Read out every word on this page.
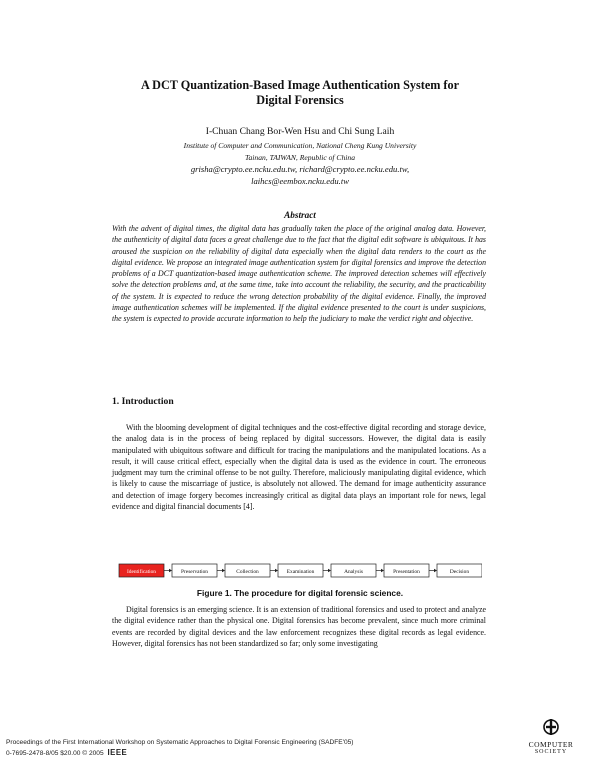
A DCT Quantization-Based Image Authentication System for
Digital Forensics
I-Chuan Chang Bor-Wen Hsu and Chi Sung Laih
Institute of Computer and Communication, National Cheng Kung University
Tainan, TAIWAN, Republic of China
grisha@crypto.ee.ncku.edu.tw, richard@crypto.ee.ncku.edu.tw,
laihcs@eembox.ncku.edu.tw
Abstract
With the advent of digital times, the digital data has gradually taken the place of the original analog data. However, the authenticity of digital data faces a great challenge due to the fact that the digital edit software is ubiquitous. It has aroused the suspicion on the reliability of digital data especially when the digital data renders to the court as the digital evidence. We propose an integrated image authentication system for digital forensics and improve the detection problems of a DCT quantization-based image authentication scheme. The improved detection schemes will effectively solve the detection problems and, at the same time, take into account the reliability, the security, and the practicability of the system. It is expected to reduce the wrong detection probability of the digital evidence. Finally, the improved image authentication schemes will be implemented. If the digital evidence presented to the court is under suspicions, the system is expected to provide accurate information to help the judiciary to make the verdict right and objective.
1. Introduction
With the blooming development of digital techniques and the cost-effective digital recording and storage device, the analog data is in the process of being replaced by digital successors. However, the digital data is easily manipulated with ubiquitous software and difficult for tracing the manipulations and the manipulated locations. As a result, it will cause critical effect, especially when the digital data is used as the evidence in court. The erroneous judgment may turn the criminal offense to be not guilty. Therefore, maliciously manipulating digital evidence, which is likely to cause the miscarriage of justice, is absolutely not allowed. The demand for image authenticity assurance and detection of image forgery becomes increasingly critical as digital data plays an important role for news, legal evidence and digital financial documents [4].
Identification	Preservation	Collection	Examination	Analysis	Presentation	Decision
Figure 1. The procedure for digital forensic science.
Digital forensics is an emerging science. It is an extension of traditional forensics and used to protect and analyze the digital evidence rather than the physical one. Digital forensics has become prevalent, since much more criminal events are recorded by digital devices and the law enforcement recognizes these digital records as legal evidence. However, digital forensics has not been standardized so far; only some investigating
Proceedings of the First International Workshop on Systematic Approaches to Digital Forensic Engineering (SADFE'05)
0-7695-2478-8/05 $20.00 © 2005 IEEE
COMPUTER
SOCIETY
